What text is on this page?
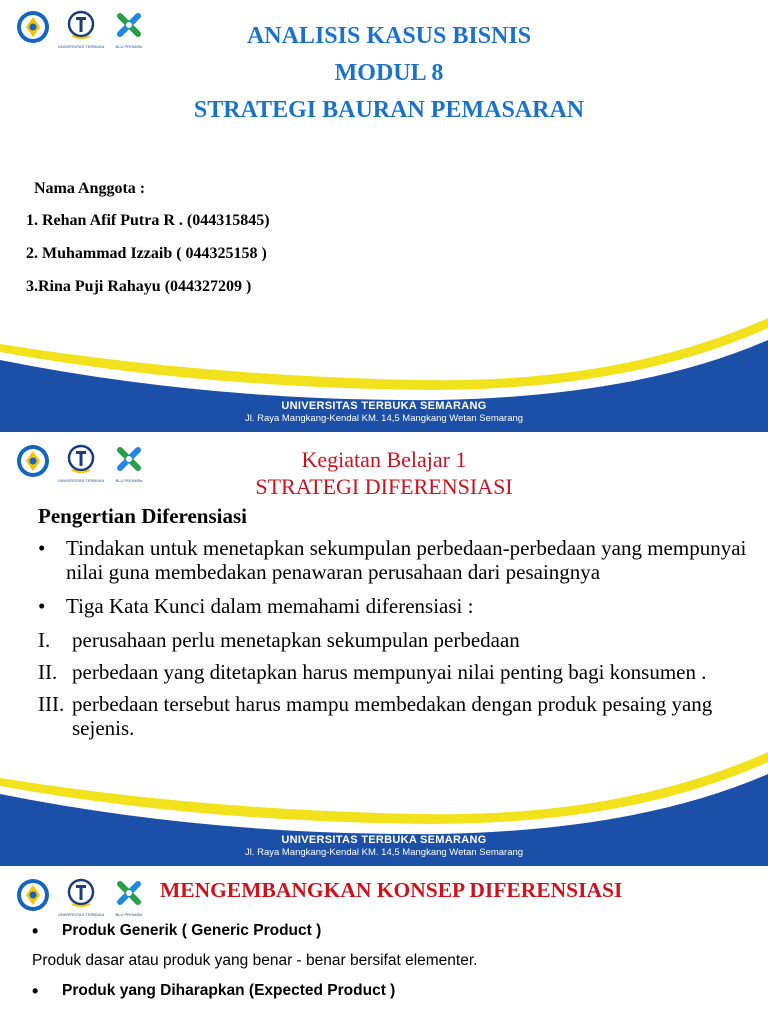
UNIVERSITAS TERBUKA	BLU PROMISe	ANALISIS KASUS BISNIS
MODUL 8
STRATEGI BAURAN PEMASARAN
Nama Anggota :
1. Rehan Afif Putra R . (044315845)
2. Muhammad Izzaib ( 044325158 )
3.Rina Puji Rahayu (044327209 )
UNIVERSITAS TERBUKA SEMARANG
Jl. Raya Mangkang-Kendal KM. 14,5 Mangkang Wetan Semarang
UNIVERSITAS TERBUKA	BLU PROMISe
Kegiatan Belajar 1
STRATEGI DIFERENSIASI
UNIVERSITAS TERBUKA SEMARANG
Jl. Raya Mangkang-Kendal KM. 14,5 Mangkang Wetan Semarang
Pengertian Diferensiasi
• Tindakan untuk menetapkan sekumpulan perbedaan-perbedaan yang mempunyai nilai guna membedakan penawaran perusahaan dari pesaingnya
• Tiga Kata Kunci dalam memahami diferensiasi :
I. perusahaan perlu menetapkan sekumpulan perbedaan
II. perbedaan yang ditetapkan harus mempunyai nilai penting bagi konsumen .
III. perbedaan tersebut harus mampu membedakan dengan produk pesaing yang sejenis.
UNIVERSITAS TERBUKA	BLU PROMISe
MENGEMBANGKAN KONSEP DIFERENSIASI
• Produk Generik ( Generic Product )
Produk dasar atau produk yang benar - benar bersifat elementer.
• Produk yang Diharapkan (Expected Product )
